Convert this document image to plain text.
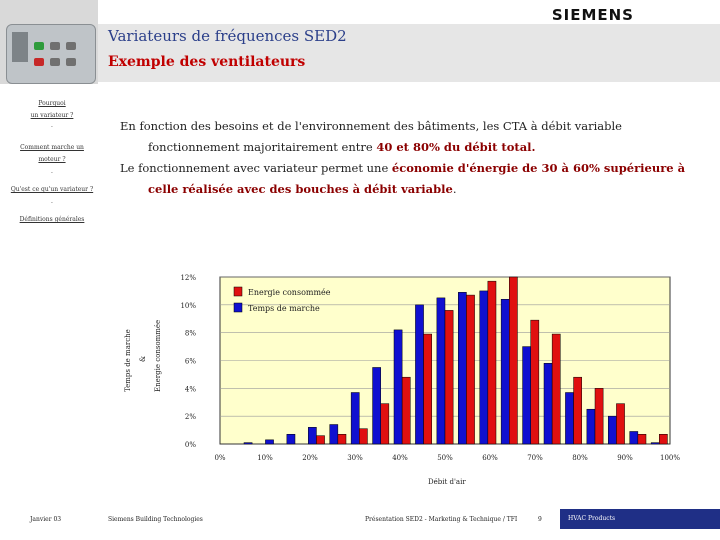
SIEMENS
Variateurs de fréquences SED2
Exemple des ventilateurs
Pourquoi
un variateur ?
.
Comment marche un
moteur ?
.
Qu'est ce qu'un variateur ?
.
Définitions générales

En fonction des besoins et de l'environnement des bâtiments, les CTA à débit variable fonctionnement majoritairement entre 40 et 80% du débit total.

Le fonctionnement avec variateur permet une économie d'énergie de 30 à 60% supérieure à celle réalisée avec des bouches à débit variable.

0%
2%
4%
6%
8%
10%
12%
0%	10%	20%	30%	40%	50%	60%	70%	80%	90%	100%
Energie consommée
Temps de marche
Temps de marche & Energie consommée
Débit d'air
Janvier 03	Siemens Building Technologies	Présentation SED2 - Marketing & Technique / TFI	9	HVAC Products
